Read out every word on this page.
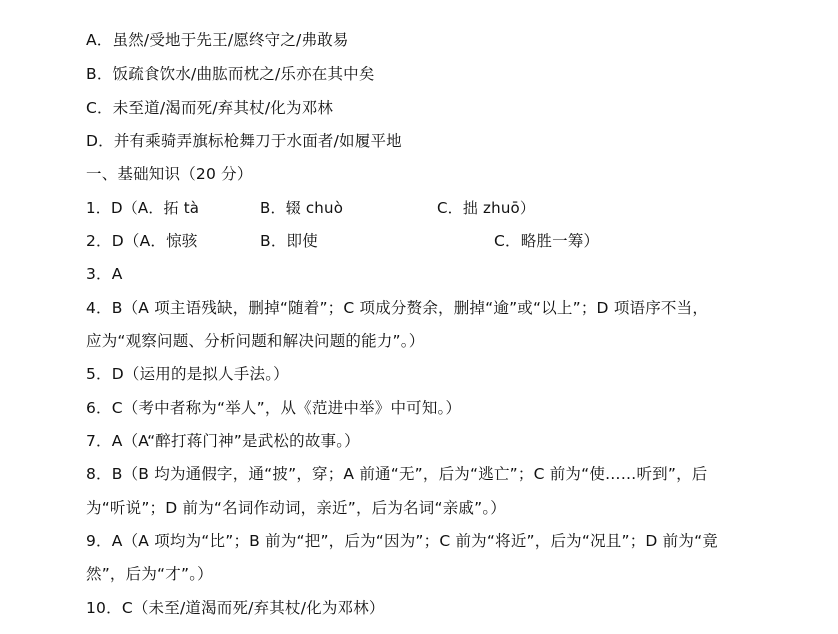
A．虽然/受地于先王/愿终守之/弗敢易
B．饭疏食饮水/曲肱而枕之/乐亦在其中矣
C．未至道/渴而死/弃其杖/化为邓林
D．并有乘骑弄旗标枪舞刀于水面者/如履平地
一、基础知识（20 分）
1．D（A．拓 tà	B．辍 chuò	C．拙 zhuō）
2．D（A．惊骇	B．即使	C．略胜一筹）
3．A
4．B（A 项主语残缺，删掉“随着”；C 项成分赘余，删掉“逾”或“以上”；D 项语序不当，
应为“观察问题、分析问题和解决问题的能力”。）
5．D（运用的是拟人手法。）
6．C（考中者称为“举人”，从《范进中举》中可知。）
7．A（A“醉打蒋门神”是武松的故事。）
8．B（B 均为通假字，通“披”，穿；A 前通“无”，后为“逃亡”；C 前为“使……听到”，后
为“听说”；D 前为“名词作动词，亲近”，后为名词“亲戚”。）
9．A（A 项均为“比”；B 前为“把”，后为“因为”；C 前为“将近”，后为“况且”；D 前为“竟
然”，后为“才”。）
10．C（未至/道渴而死/弃其杖/化为邓林）
